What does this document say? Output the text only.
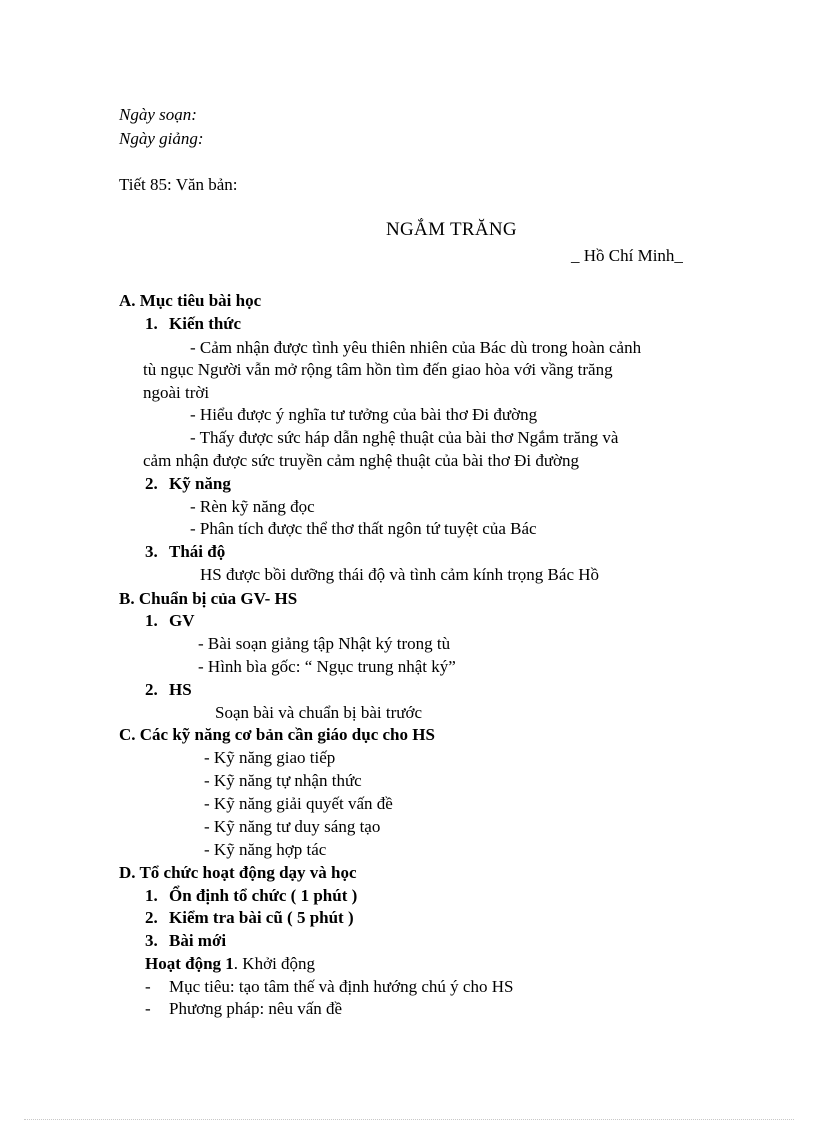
Ngày soạn:
Ngày giảng:
Tiết 85: Văn bản:
NGẮM TRĂNG
_ Hồ Chí Minh_
A. Mục tiêu bài học
1. Kiến thức
- Cảm nhận được tình yêu thiên nhiên của Bác dù trong hoàn cảnh
tù ngục Người vẫn mở rộng tâm hồn tìm đến giao hòa với vầng trăng
ngoài trời
- Hiểu được ý nghĩa tư tưởng của bài thơ Đi đường
- Thấy được sức háp dẫn nghệ thuật của bài thơ Ngắm trăng và
cảm nhận được sức truyền cảm nghệ thuật của bài thơ Đi đường
2. Kỹ năng
- Rèn kỹ năng đọc
- Phân tích được thể thơ thất ngôn tứ tuyệt của Bác
3. Thái độ
HS được bồi dưỡng thái độ và tình cảm kính trọng Bác Hồ
B. Chuẩn bị của GV- HS
1. GV
- Bài soạn giảng tập Nhật ký trong tù
- Hình bìa gốc: “ Ngục trung nhật ký”
2. HS
Soạn bài và chuẩn bị bài trước
C. Các kỹ năng cơ bản cần giáo dục cho HS
- Kỹ năng giao tiếp
- Kỹ năng tự nhận thức
- Kỹ năng giải quyết vấn đề
- Kỹ năng tư duy sáng tạo
- Kỹ năng hợp tác
D. Tổ chức hoạt động dạy và học
1. Ổn định tổ chức ( 1 phút )
2. Kiểm tra bài cũ ( 5 phút )
3. Bài mới
Hoạt động 1. Khởi động
- Mục tiêu: tạo tâm thế và định hướng chú ý cho HS
- Phương pháp: nêu vấn đề
